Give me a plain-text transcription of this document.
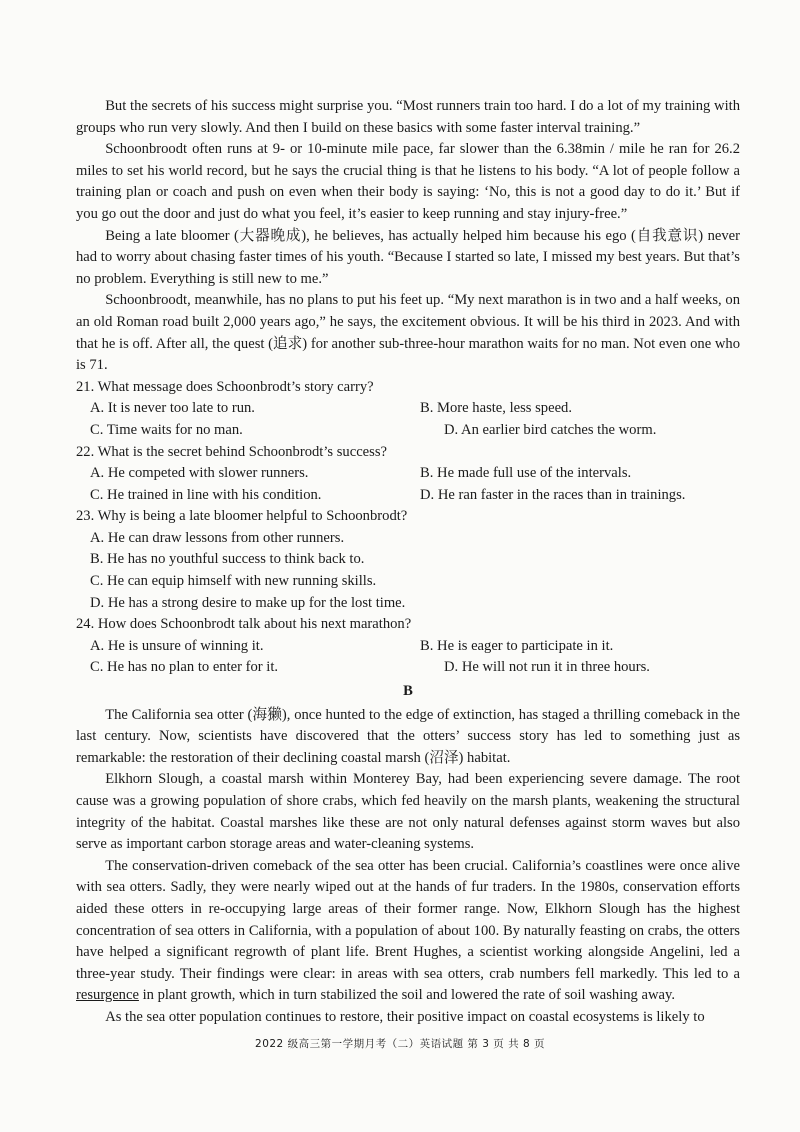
But the secrets of his success might surprise you. “Most runners train too hard. I do a lot of my training with groups who run very slowly. And then I build on these basics with some faster interval training.”

Schoonbroodt often runs at 9- or 10-minute mile pace, far slower than the 6.38min / mile he ran for 26.2 miles to set his world record, but he says the crucial thing is that he listens to his body. “A lot of people follow a training plan or coach and push on even when their body is saying: ‘No, this is not a good day to do it.’ But if you go out the door and just do what you feel, it’s easier to keep running and stay injury-free.”

Being a late bloomer (大器晚成), he believes, has actually helped him because his ego (自我意识) never had to worry about chasing faster times of his youth. “Because I started so late, I missed my best years. But that’s no problem. Everything is still new to me.”

Schoonbroodt, meanwhile, has no plans to put his feet up. “My next marathon is in two and a half weeks, on an old Roman road built 2,000 years ago,” he says, the excitement obvious. It will be his third in 2023. And with that he is off. After all, the quest (追求) for another sub-three-hour marathon waits for no man. Not even one who is 71.

21. What message does Schoonbrodt’s story carry?

A. It is never too late to run.	B. More haste, less speed.
C. Time waits for no man.	D. An earlier bird catches the worm.

22. What is the secret behind Schoonbrodt’s success?

A. He competed with slower runners.	B. He made full use of the intervals.
C. He trained in line with his condition.	D. He ran faster in the races than in trainings.

23. Why is being a late bloomer helpful to Schoonbrodt?

A. He can draw lessons from other runners.
B. He has no youthful success to think back to.
C. He can equip himself with new running skills.
D. He has a strong desire to make up for the lost time.

24. How does Schoonbrodt talk about his next marathon?

A. He is unsure of winning it.	B. He is eager to participate in it.
C. He has no plan to enter for it.	D. He will not run it in three hours.
B

The California sea otter (海獭), once hunted to the edge of extinction, has staged a thrilling comeback in the last century. Now, scientists have discovered that the otters’ success story has led to something just as remarkable: the restoration of their declining coastal marsh (沼泽) habitat.

Elkhorn Slough, a coastal marsh within Monterey Bay, had been experiencing severe damage. The root cause was a growing population of shore crabs, which fed heavily on the marsh plants, weakening the structural integrity of the habitat. Coastal marshes like these are not only natural defenses against storm waves but also serve as important carbon storage areas and water-cleaning systems.

The conservation-driven comeback of the sea otter has been crucial. California’s coastlines were once alive with sea otters. Sadly, they were nearly wiped out at the hands of fur traders. In the 1980s, conservation efforts aided these otters in re-occupying large areas of their former range. Now, Elkhorn Slough has the highest concentration of sea otters in California, with a population of about 100. By naturally feasting on crabs, the otters have helped a significant regrowth of plant life. Brent Hughes, a scientist working alongside Angelini, led a three-year study. Their findings were clear: in areas with sea otters, crab numbers fell markedly. This led to a resurgence in plant growth, which in turn stabilized the soil and lowered the rate of soil washing away.

As the sea otter population continues to restore, their positive impact on coastal ecosystems is likely to

2022 级高三第一学期月考（二）英语试题 第 3 页 共 8 页
